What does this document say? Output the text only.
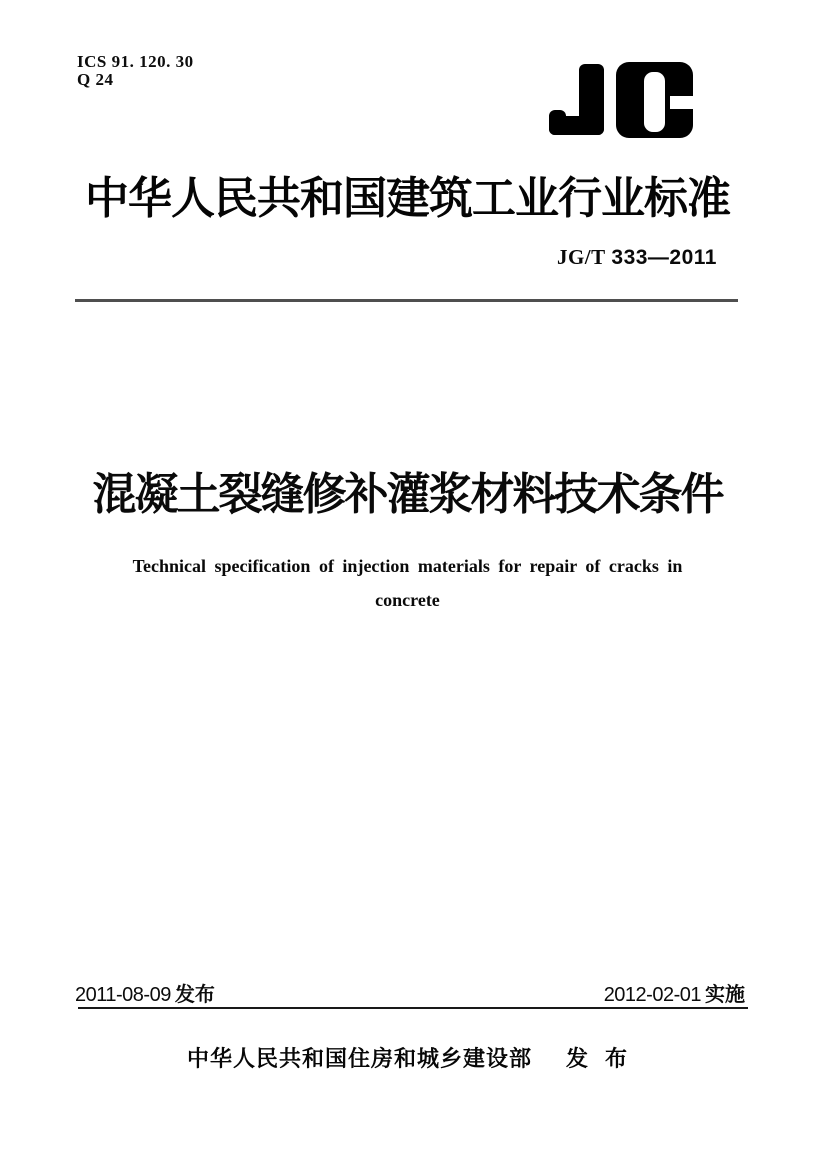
ICS 91. 120. 30
Q 24
中华人民共和国建筑工业行业标准
JG/T 333—2011
混凝土裂缝修补灌浆材料技术条件
Technical specification of injection materials for repair of cracks in
concrete
2011-08-09 发布	2012-02-01 实施
中华人民共和国住房和城乡建设部 发 布
